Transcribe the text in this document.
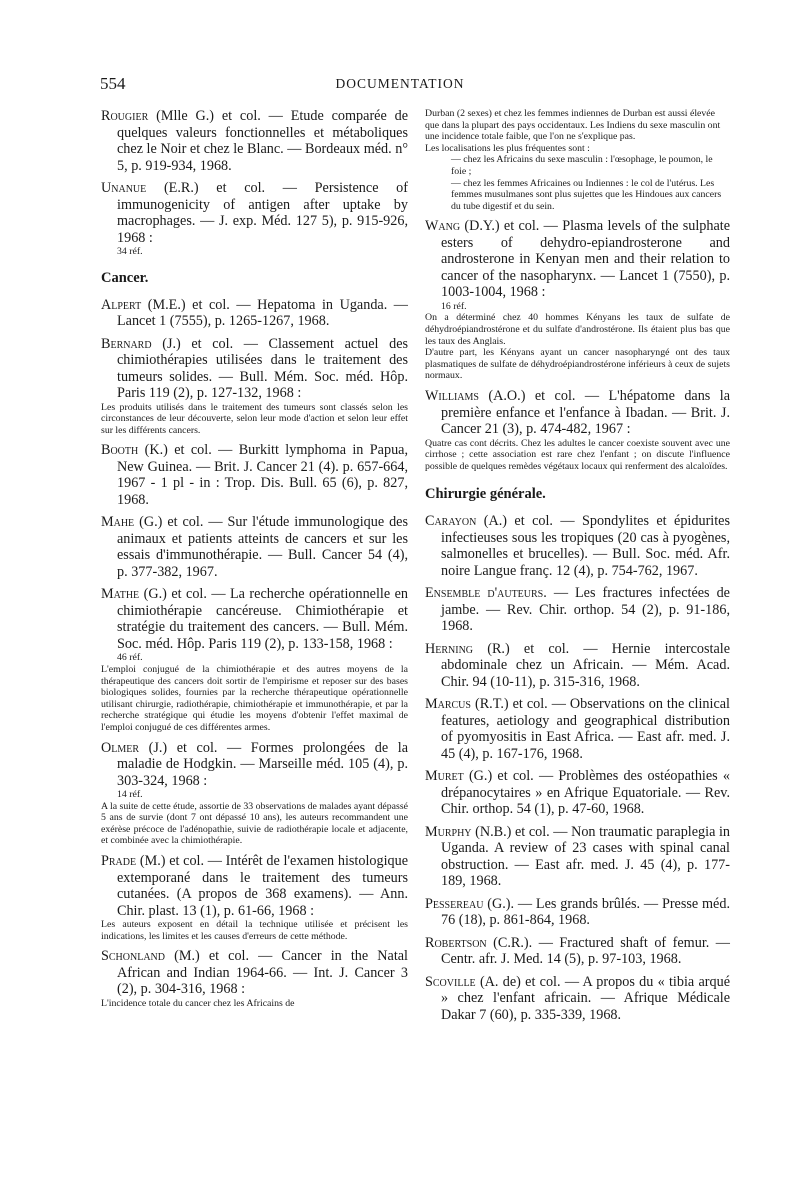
554	DOCUMENTATION

Rougier (Mlle G.) et col. — Etude comparée de quelques valeurs fonctionnelles et métaboliques chez le Noir et chez le Blanc. — Bordeaux méd. n° 5, p. 919-934, 1968.

Unanue (E.R.) et col. — Persistence of immunogenicity of antigen after uptake by macrophages. — J. exp. Méd. 127 5), p. 915-926, 1968 :

34 réf.

Cancer.

Alpert (M.E.) et col. — Hepatoma in Uganda. — Lancet 1 (7555), p. 1265-1267, 1968.

Bernard (J.) et col. — Classement actuel des chimiothérapies utilisées dans le traitement des tumeurs solides. — Bull. Mém. Soc. méd. Hôp. Paris 119 (2), p. 127-132, 1968 :

Les produits utilisés dans le traitement des tumeurs sont classés selon les circonstances de leur découverte, selon leur mode d'action et selon leur effet sur les différents cancers.

Booth (K.) et col. — Burkitt lymphoma in Papua, New Guinea. — Brit. J. Cancer 21 (4). p. 657-664, 1967 - 1 pl - in : Trop. Dis. Bull. 65 (6), p. 827, 1968.

Mahe (G.) et col. — Sur l'étude immunologique des animaux et patients atteints de cancers et sur les essais d'immunothérapie. — Bull. Cancer 54 (4), p. 377-382, 1967.

Mathe (G.) et col. — La recherche opérationnelle en chimiothérapie cancéreuse. Chimiothérapie et stratégie du traitement des cancers. — Bull. Mém. Soc. méd. Hôp. Paris 119 (2), p. 133-158, 1968 :

46 réf.

L'emploi conjugué de la chimiothérapie et des autres moyens de la thérapeutique des cancers doit sortir de l'empirisme et reposer sur des bases biologiques solides, fournies par la recherche thérapeutique opérationnelle utilisant chirurgie, radiothérapie, chimiothérapie et immunothérapie, et par la recherche stratégique qui étudie les moyens d'obtenir l'effet maximal de l'emploi conjugué de ces différentes armes.

Olmer (J.) et col. — Formes prolongées de la maladie de Hodgkin. — Marseille méd. 105 (4), p. 303-324, 1968 :

14 réf.

A la suite de cette étude, assortie de 33 observations de malades ayant dépassé 5 ans de survie (dont 7 ont dépassé 10 ans), les auteurs recommandent une exérèse précoce de l'adénopathie, suivie de radiothérapie locale et adjacente, et combinée avec la chimiothérapie.

Prade (M.) et col. — Intérêt de l'examen histologique extemporané dans le traitement des tumeurs cutanées. (A propos de 368 examens). — Ann. Chir. plast. 13 (1), p. 61-66, 1968 :

Les auteurs exposent en détail la technique utilisée et précisent les indications, les limites et les causes d'erreurs de cette méthode.

Schonland (M.) et col. — Cancer in the Natal African and Indian 1964-66. — Int. J. Cancer 3 (2), p. 304-316, 1968 :

L'incidence totale du cancer chez les Africains de

Durban (2 sexes) et chez les femmes indiennes de Durban est aussi élevée que dans la plupart des pays occidentaux. Les Indiens du sexe masculin ont une incidence totale faible, que l'on ne s'explique pas.
Les localisations les plus fréquentes sont :
— chez les Africains du sexe masculin : l'œsophage, le poumon, le foie ;
— chez les femmes Africaines ou Indiennes : le col de l'utérus. Les femmes musulmanes sont plus sujettes que les Hindoues aux cancers du tube digestif et du sein.

Wang (D.Y.) et col. — Plasma levels of the sulphate esters of dehydro-epiandrosterone and androsterone in Kenyan men and their relation to cancer of the nasopharynx. — Lancet 1 (7550), p. 1003-1004, 1968 :

16 réf.

On a déterminé chez 40 hommes Kényans les taux de sulfate de déhydroépiandrostérone et du sulfate d'androstérone. Ils étaient plus bas que les taux des Anglais.

D'autre part, les Kényans ayant un cancer nasopharyngé ont des taux plasmatiques de sulfate de déhydroépiandrostérone inférieurs à ceux de sujets normaux.

Williams (A.O.) et col. — L'hépatome dans la première enfance et l'enfance à Ibadan. — Brit. J. Cancer 21 (3), p. 474-482, 1967 :

Quatre cas cont décrits. Chez les adultes le cancer coexiste souvent avec une cirrhose ; cette association est rare chez l'enfant ; on discute l'influence possible de quelques remèdes végétaux locaux qui renferment des alcaloïdes.

Chirurgie générale.

Carayon (A.) et col. — Spondylites et épidurites infectieuses sous les tropiques (20 cas à pyogènes, salmonelles et brucelles). — Bull. Soc. méd. Afr. noire Langue franç. 12 (4), p. 754-762, 1967.

Ensemble d'auteurs. — Les fractures infectées de jambe. — Rev. Chir. orthop. 54 (2), p. 91-186, 1968.

Herning (R.) et col. — Hernie intercostale abdominale chez un Africain. — Mém. Acad. Chir. 94 (10-11), p. 315-316, 1968.

Marcus (R.T.) et col. — Observations on the clinical features, aetiology and geographical distribution of pyomyositis in East Africa. — East afr. med. J. 45 (4), p. 167-176, 1968.

Muret (G.) et col. — Problèmes des ostéopathies « drépanocytaires » en Afrique Equatoriale. — Rev. Chir. orthop. 54 (1), p. 47-60, 1968.

Murphy (N.B.) et col. — Non traumatic paraplegia in Uganda. A review of 23 cases with spinal canal obstruction. — East afr. med. J. 45 (4), p. 177-189, 1968.

Pessereau (G.). — Les grands brûlés. — Presse méd. 76 (18), p. 861-864, 1968.

Robertson (C.R.). — Fractured shaft of femur. — Centr. afr. J. Med. 14 (5), p. 97-103, 1968.

Scoville (A. de) et col. — A propos du « tibia arqué » chez l'enfant africain. — Afrique Médicale Dakar 7 (60), p. 335-339, 1968.
